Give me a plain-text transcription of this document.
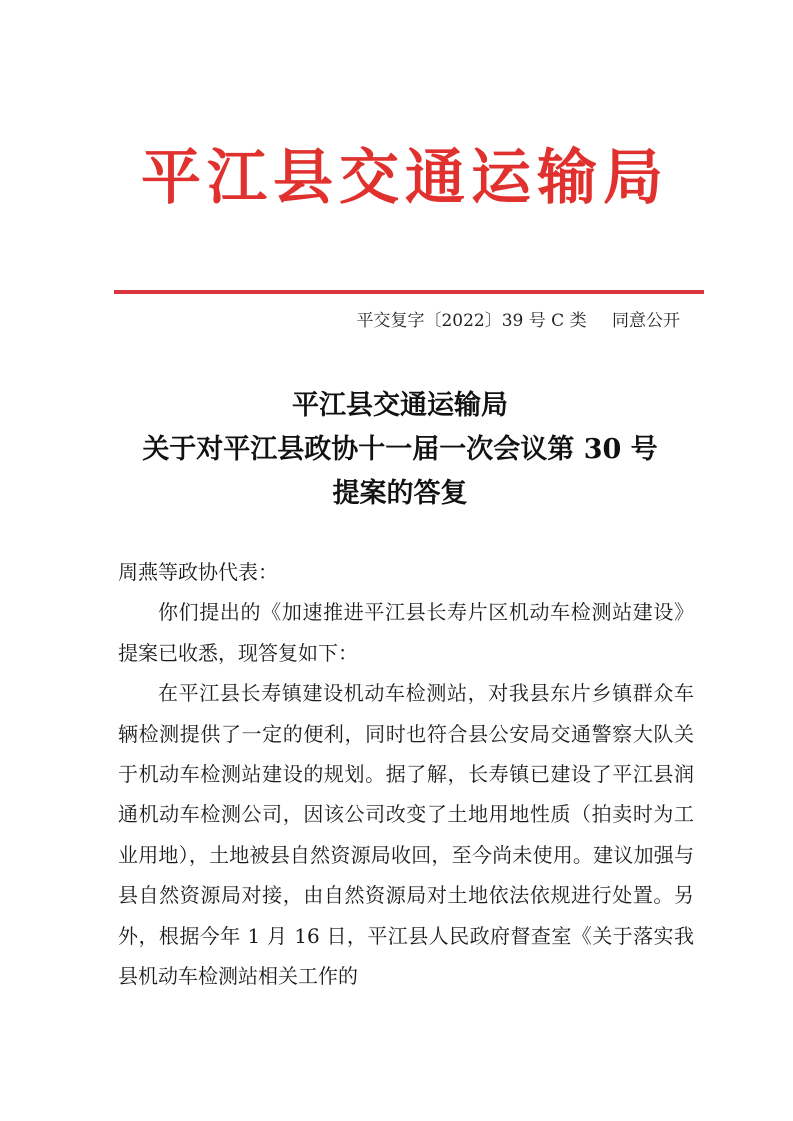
平江县交通运输局
平交复字〔2022〕39 号 C 类 同意公开
平江县交通运输局
关于对平江县政协十一届一次会议第 30 号
提案的答复

周燕等政协代表：

你们提出的《加速推进平江县长寿片区机动车检测站建设》提案已收悉，现答复如下：

在平江县长寿镇建设机动车检测站，对我县东片乡镇群众车辆检测提供了一定的便利，同时也符合县公安局交通警察大队关于机动车检测站建设的规划。据了解，长寿镇已建设了平江县润通机动车检测公司，因该公司改变了土地用地性质（拍卖时为工业用地），土地被县自然资源局收回，至今尚未使用。建议加强与县自然资源局对接，由自然资源局对土地依法依规进行处置。另外，根据今年 1 月 16 日，平江县人民政府督查室《关于落实我县机动车检测站相关工作的
